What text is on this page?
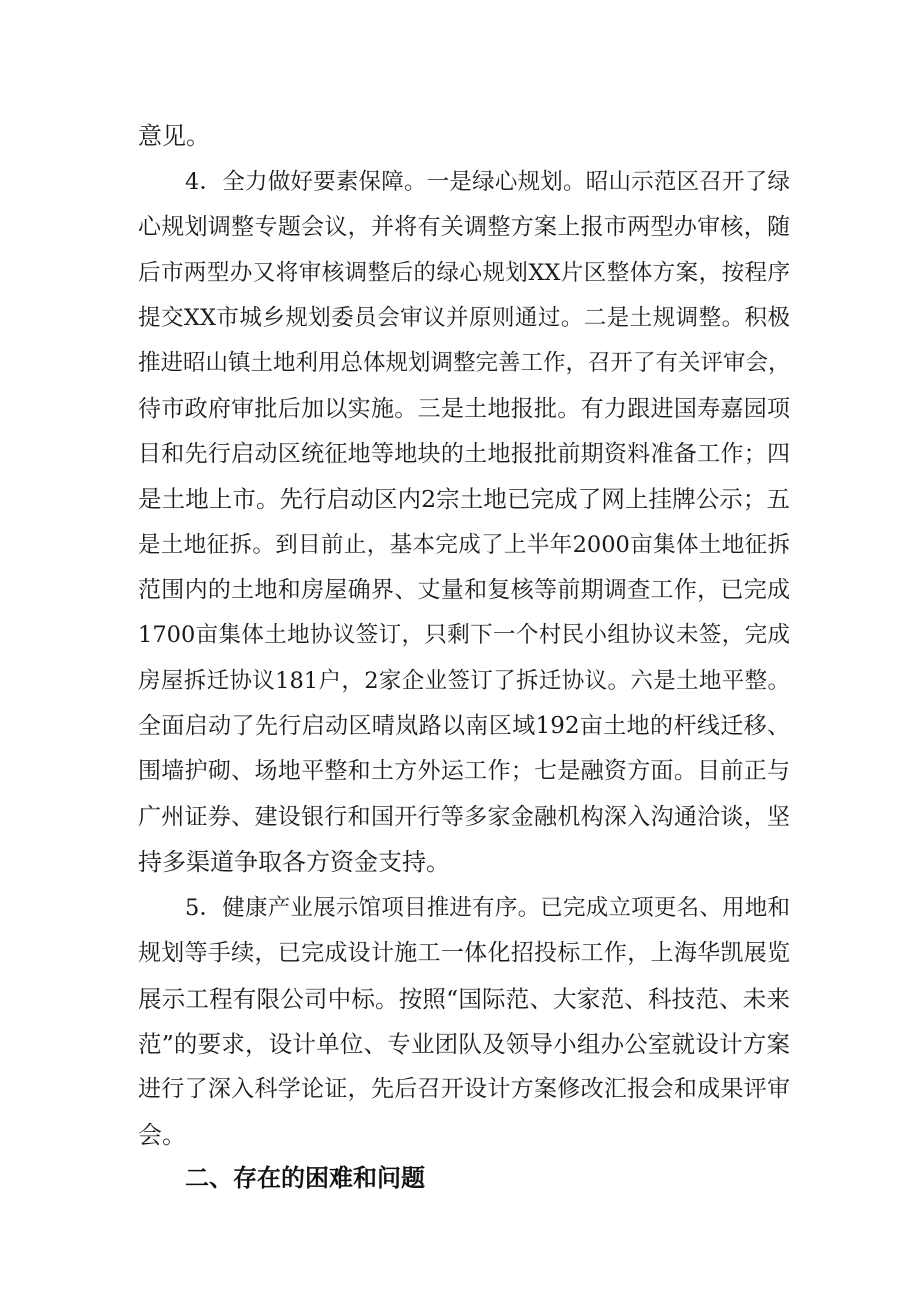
意见。
4．全力做好要素保障。一是绿心规划。昭山示范区召开了绿
心规划调整专题会议，并将有关调整方案上报市两型办审核，随
后市两型办又将审核调整后的绿心规划XX片区整体方案，按程序
提交XX市城乡规划委员会审议并原则通过。二是土规调整。积极
推进昭山镇土地利用总体规划调整完善工作，召开了有关评审会，
待市政府审批后加以实施。三是土地报批。有力跟进国寿嘉园项
目和先行启动区统征地等地块的土地报批前期资料准备工作；四
是土地上市。先行启动区内2宗土地已完成了网上挂牌公示；五
是土地征拆。到目前止，基本完成了上半年2000亩集体土地征拆
范围内的土地和房屋确界、丈量和复核等前期调查工作，已完成
1700亩集体土地协议签订，只剩下一个村民小组协议未签，完成
房屋拆迁协议181户，2家企业签订了拆迁协议。六是土地平整。
全面启动了先行启动区晴岚路以南区域192亩土地的杆线迁移、
围墙护砌、场地平整和土方外运工作；七是融资方面。目前正与
广州证券、建设银行和国开行等多家金融机构深入沟通洽谈，坚
持多渠道争取各方资金支持。
5．健康产业展示馆项目推进有序。已完成立项更名、用地和
规划等手续，已完成设计施工一体化招投标工作，上海华凯展览
展示工程有限公司中标。按照“国际范、大家范、科技范、未来
范”的要求，设计单位、专业团队及领导小组办公室就设计方案
进行了深入科学论证，先后召开设计方案修改汇报会和成果评审
会。
二、存在的困难和问题
